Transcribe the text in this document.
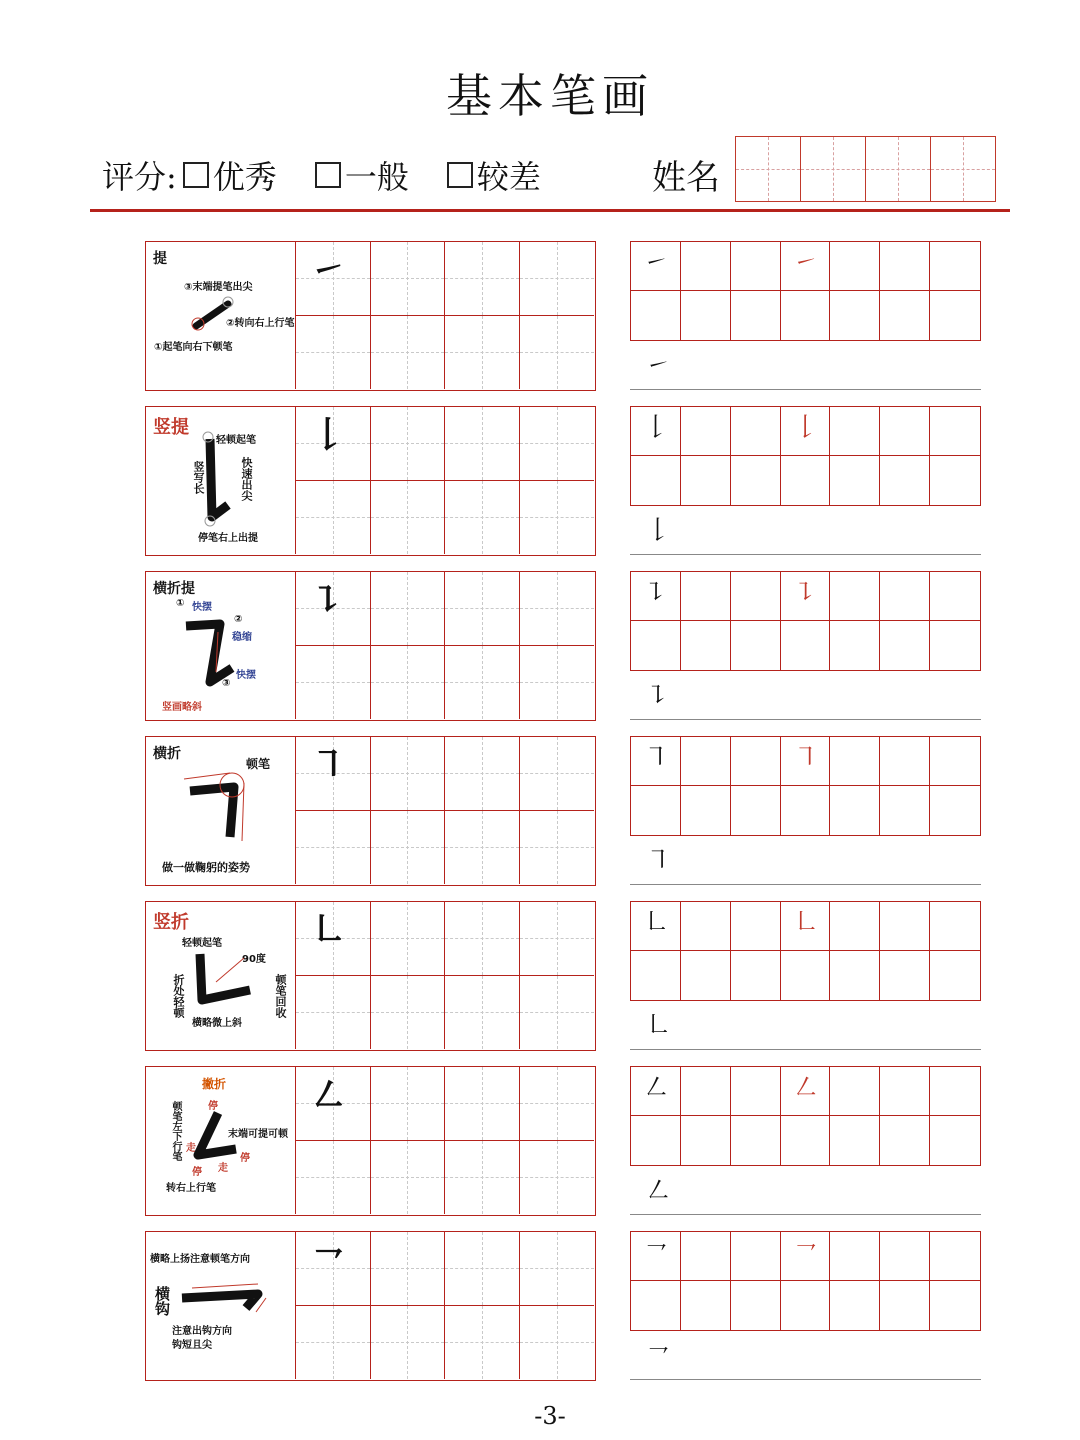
基本笔画
评分: 优秀 一般 较差	姓名
提
③末端提笔出尖
②转向右上行笔
①起笔向右下顿笔
㇀	㇀	㇀
㇀
竖提
轻顿起笔
竖写长	快速出尖
停笔右上出提
𠄌	𠄌	𠄌
𠄌
横折提
① 快摆
②
稳缩
快摆
③
竖画略斜
㇊	㇊	㇊
㇊
横折
顿笔
做一做鞠躬的姿势
㇕	㇕	㇕
㇕
竖折
轻顿起笔
90度
折处轻顿	顿笔回收
横略微上斜
㇗	㇗	㇗
㇗
撇折
顿笔左下行笔	停
末端可提可顿
走
走
停
停
转右上行笔
㇜	㇜	㇜
㇜
横略上扬注意顿笔方向
横钩
注意出钩方向
钩短且尖
㇖	㇖	㇖
㇖
-3-
